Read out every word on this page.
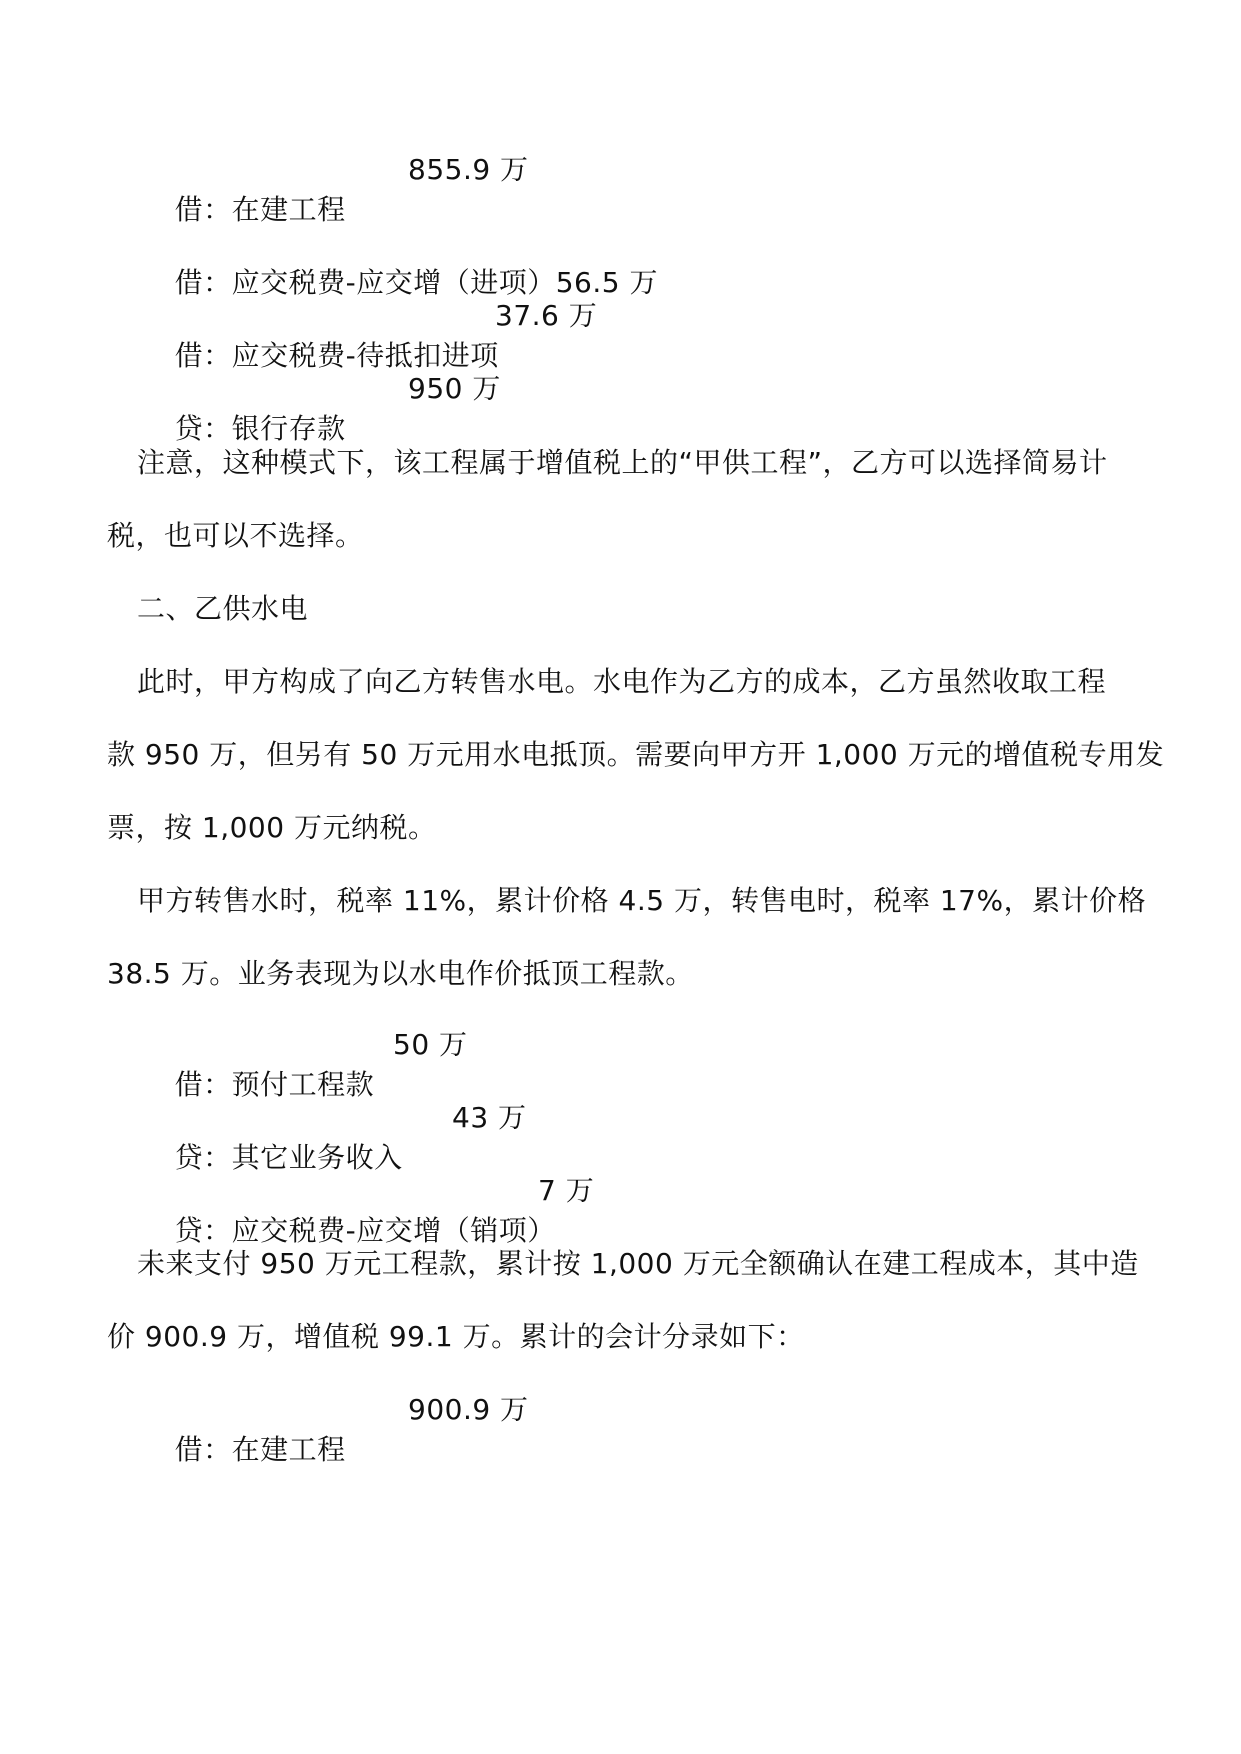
借：在建工程

855.9 万

借：应交税费-应交增（进项）56.5 万

借：应交税费-待抵扣进项

37.6 万

贷：银行存款

950 万
注意，这种模式下，该工程属于增值税上的“甲供工程”，乙方可以选择简易计
税，也可以不选择。
二、乙供水电
此时，甲方构成了向乙方转售水电。水电作为乙方的成本，乙方虽然收取工程
款 950 万，但另有 50 万元用水电抵顶。需要向甲方开 1,000 万元的增值税专用发
票，按 1,000 万元纳税。
甲方转售水时，税率 11%，累计价格 4.5 万，转售电时，税率 17%，累计价格
38.5 万。业务表现为以水电作价抵顶工程款。

借：预付工程款

50 万

贷：其它业务收入

43 万

贷：应交税费-应交增（销项）

7 万
未来支付 950 万元工程款，累计按 1,000 万元全额确认在建工程成本，其中造
价 900.9 万，增值税 99.1 万。累计的会计分录如下：

借：在建工程

900.9 万
